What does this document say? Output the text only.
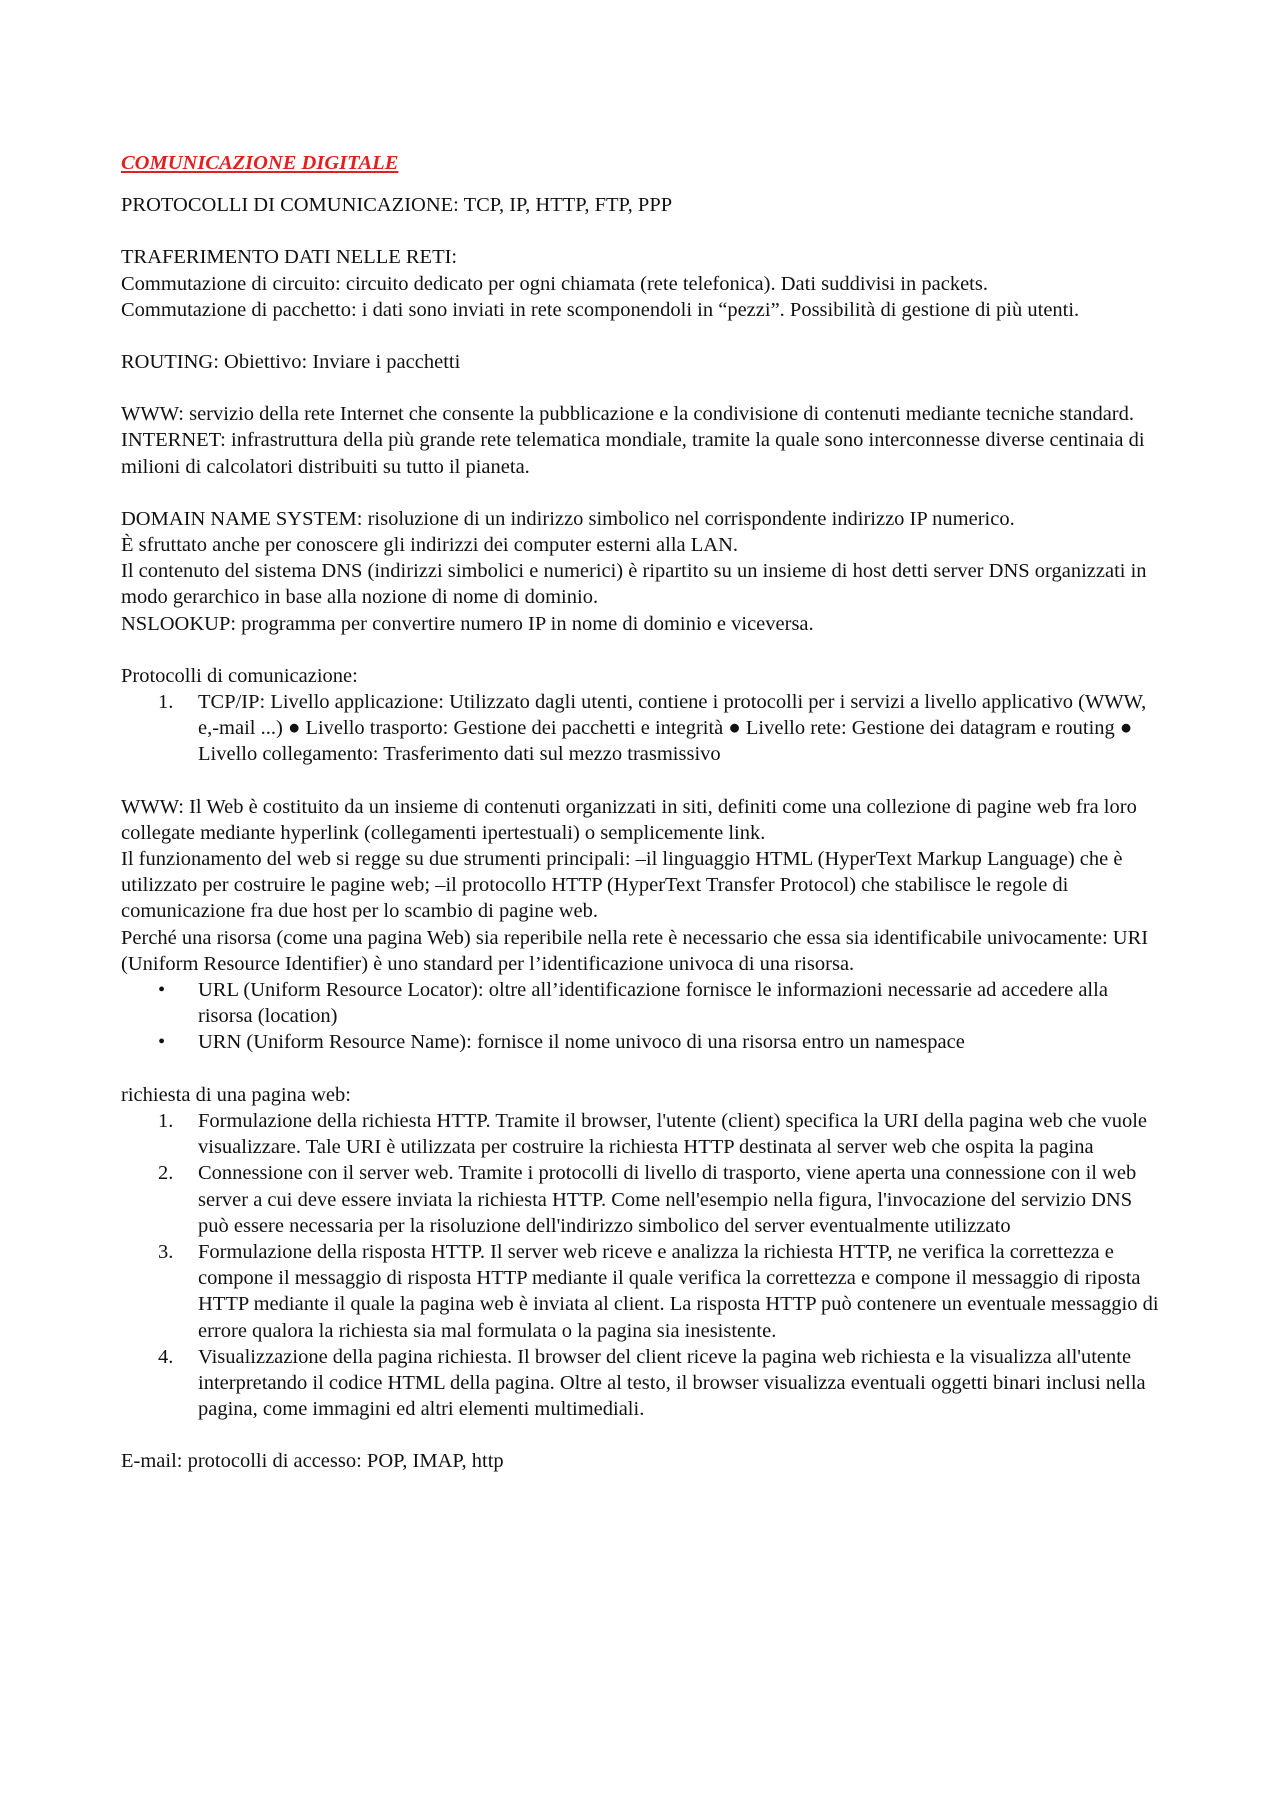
COMUNICAZIONE DIGITALE

PROTOCOLLI DI COMUNICAZIONE: TCP, IP, HTTP, FTP, PPP

TRAFERIMENTO DATI NELLE RETI:

Commutazione di circuito: circuito dedicato per ogni chiamata (rete telefonica). Dati suddivisi in packets.

Commutazione di pacchetto: i dati sono inviati in rete scomponendoli in “pezzi”. Possibilità di gestione di più utenti.

ROUTING: Obiettivo: Inviare i pacchetti

WWW: servizio della rete Internet che consente la pubblicazione e la condivisione di contenuti mediante tecniche standard.

INTERNET: infrastruttura della più grande rete telematica mondiale, tramite la quale sono interconnesse diverse centinaia di milioni di calcolatori distribuiti su tutto il pianeta.

DOMAIN NAME SYSTEM: risoluzione di un indirizzo simbolico nel corrispondente indirizzo IP numerico.

È sfruttato anche per conoscere gli indirizzi dei computer esterni alla LAN.

Il contenuto del sistema DNS (indirizzi simbolici e numerici) è ripartito su un insieme di host detti server DNS organizzati in modo gerarchico in base alla nozione di nome di dominio.

NSLOOKUP: programma per convertire numero IP in nome di dominio e viceversa.

Protocolli di comunicazione:

1.	TCP/IP: Livello applicazione: Utilizzato dagli utenti, contiene i protocolli per i servizi a livello applicativo (WWW, e,-mail ...) ● Livello trasporto: Gestione dei pacchetti e integrità ● Livello rete: Gestione dei datagram e routing ● Livello collegamento: Trasferimento dati sul mezzo trasmissivo

WWW: Il Web è costituito da un insieme di contenuti organizzati in siti, definiti come una collezione di pagine web fra loro collegate mediante hyperlink (collegamenti ipertestuali) o semplicemente link.

Il funzionamento del web si regge su due strumenti principali: –il linguaggio HTML (HyperText Markup Language) che è utilizzato per costruire le pagine web; –il protocollo HTTP (HyperText Transfer Protocol) che stabilisce le regole di comunicazione fra due host per lo scambio di pagine web.

Perché una risorsa (come una pagina Web) sia reperibile nella rete è necessario che essa sia identificabile univocamente: URI (Uniform Resource Identifier) è uno standard per l’identificazione univoca di una risorsa.

•	URL (Uniform Resource Locator): oltre all’identificazione fornisce le informazioni necessarie ad accedere alla risorsa (location)
•	URN (Uniform Resource Name): fornisce il nome univoco di una risorsa entro un namespace

richiesta di una pagina web:

1.	Formulazione della richiesta HTTP. Tramite il browser, l'utente (client) specifica la URI della pagina web che vuole visualizzare. Tale URI è utilizzata per costruire la richiesta HTTP destinata al server web che ospita la pagina
2.	Connessione con il server web. Tramite i protocolli di livello di trasporto, viene aperta una connessione con il web server a cui deve essere inviata la richiesta HTTP. Come nell'esempio nella figura, l'invocazione del servizio DNS può essere necessaria per la risoluzione dell'indirizzo simbolico del server eventualmente utilizzato
3.	Formulazione della risposta HTTP. Il server web riceve e analizza la richiesta HTTP, ne verifica la correttezza e compone il messaggio di risposta HTTP mediante il quale verifica la correttezza e compone il messaggio di riposta HTTP mediante il quale la pagina web è inviata al client. La risposta HTTP può contenere un eventuale messaggio di errore qualora la richiesta sia mal formulata o la pagina sia inesistente.
4.	Visualizzazione della pagina richiesta. Il browser del client riceve la pagina web richiesta e la visualizza all'utente interpretando il codice HTML della pagina. Oltre al testo, il browser visualizza eventuali oggetti binari inclusi nella pagina, come immagini ed altri elementi multimediali.

E-mail: protocolli di accesso: POP, IMAP, http
